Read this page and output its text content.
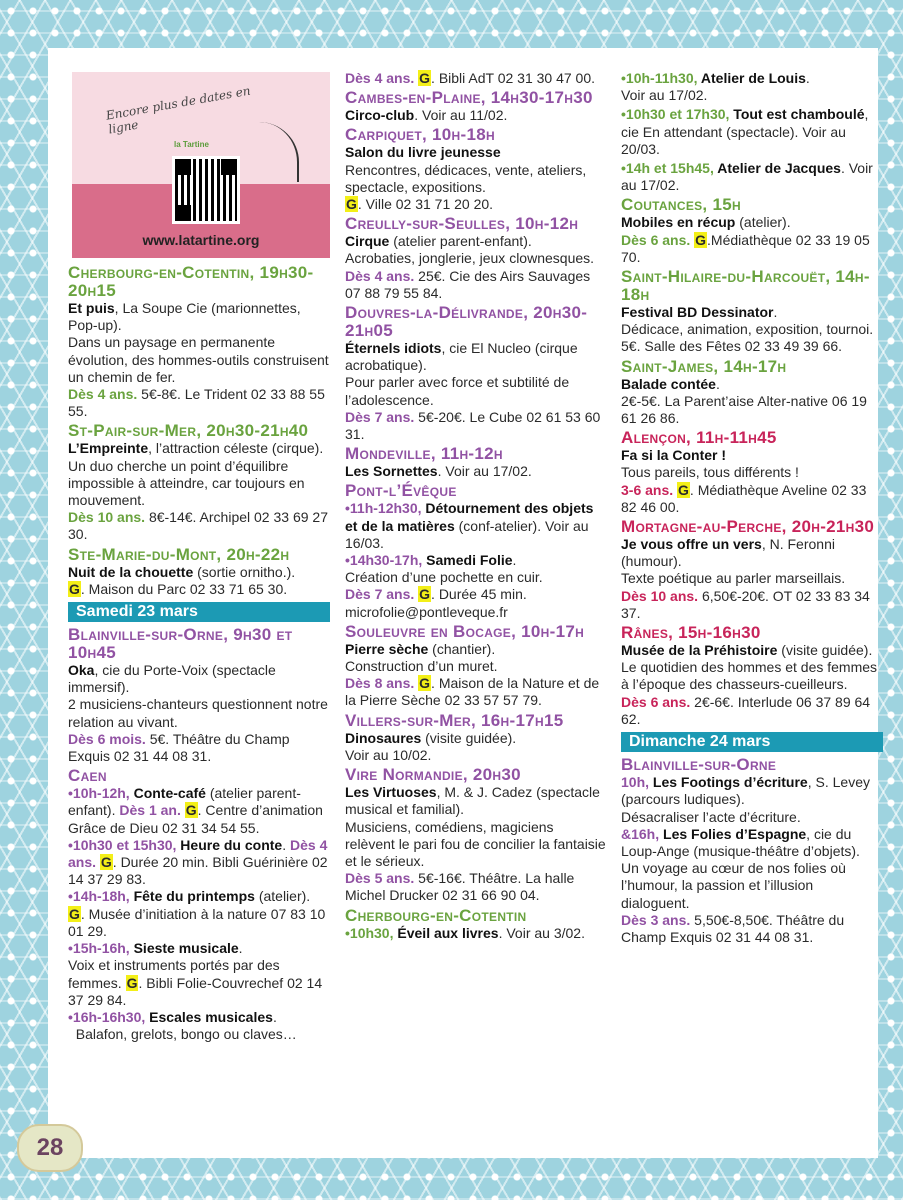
Encore plus de dates en ligne
la Tartine
www.latartine.org
Cherbourg-en-Cotentin, 19h30-20h15
Et puis, La Soupe Cie (marionnettes, Pop-up).
Dans un paysage en permanente évolution, des hommes-outils construisent un chemin de fer.
Dès 4 ans. 5€-8€. Le Trident 02 33 88 55 55.
St-Pair-sur-Mer, 20h30-21h40
L’Empreinte, l’attraction céleste (cirque).
Un duo cherche un point d’équilibre impossible à atteindre, car toujours en mouvement.
Dès 10 ans. 8€-14€. Archipel 02 33 69 27 30.
Ste-Marie-du-Mont, 20h-22h
Nuit de la chouette (sortie ornitho.).
G. Maison du Parc 02 33 71 65 30.
Samedi 23 mars
Blainville-sur-Orne, 9h30 et 10h45
Oka, cie du Porte-Voix (spectacle immersif).
2 musiciens-chanteurs questionnent notre relation au vivant.
Dès 6 mois. 5€. Théâtre du Champ Exquis 02 31 44 08 31.
Caen
•10h-12h, Conte-café (atelier parent-enfant). Dès 1 an. G. Centre d’animation Grâce de Dieu 02 31 34 54 55.
•10h30 et 15h30, Heure du conte. Dès 4 ans. G. Durée 20 min. Bibli Guérinière 02 14 37 29 83.
•14h-18h, Fête du printemps (atelier). G. Musée d’initiation à la nature 07 83 10 01 29.
•15h-16h, Sieste musicale.
Voix et instruments portés par des femmes. G. Bibli Folie-Couvrechef 02 14 37 29 84.
•16h-16h30, Escales musicales.
Balafon, grelots, bongo ou claves…
Dès 4 ans. G. Bibli AdT 02 31 30 47 00.
Cambes-en-Plaine, 14h30-17h30
Circo-club. Voir au 11/02.
Carpiquet, 10h-18h
Salon du livre jeunesse
Rencontres, dédicaces, vente, ateliers, spectacle, expositions.
G. Ville 02 31 71 20 20.
Creully-sur-Seulles, 10h-12h
Cirque (atelier parent-enfant).
Acrobaties, jonglerie, jeux clownesques.
Dès 4 ans. 25€. Cie des Airs Sauvages 07 88 79 55 84.
Douvres-la-Délivrande, 20h30-21h05
Éternels idiots, cie El Nucleo (cirque acrobatique).
Pour parler avec force et subtilité de l’adolescence.
Dès 7 ans. 5€-20€. Le Cube 02 61 53 60 31.
Mondeville, 11h-12h
Les Sornettes. Voir au 17/02.
Pont-l’Évêque
•11h-12h30, Détournement des objets et de la matières (conf-atelier). Voir au 16/03.
•14h30-17h, Samedi Folie.
Création d’une pochette en cuir.
Dès 7 ans. G. Durée 45 min. microfolie@pontleveque.fr
Souleuvre en Bocage, 10h-17h
Pierre sèche (chantier).
Construction d’un muret.
Dès 8 ans. G. Maison de la Nature et de la Pierre Sèche 02 33 57 57 79.
Villers-sur-Mer, 16h-17h15
Dinosaures (visite guidée).
Voir au 10/02.
Vire Normandie, 20h30
Les Virtuoses, M. & J. Cadez (spectacle musical et familial).
Musiciens, comédiens, magiciens relèvent le pari fou de concilier la fantaisie et le sérieux.
Dès 5 ans. 5€-16€. Théâtre. La halle Michel Drucker 02 31 66 90 04.
Cherbourg-en-Cotentin
•10h30, Éveil aux livres. Voir au 3/02.
•10h-11h30, Atelier de Louis.
Voir au 17/02.
•10h30 et 17h30, Tout est chamboulé, cie En attendant (spectacle). Voir au 20/03.
•14h et 15h45, Atelier de Jacques. Voir au 17/02.
Coutances, 15h
Mobiles en récup (atelier).
Dès 6 ans. G.Médiathèque 02 33 19 05 70.
Saint-Hilaire-du-Harcouët, 14h-18h
Festival BD Dessinator.
Dédicace, animation, exposition, tournoi.
5€. Salle des Fêtes 02 33 49 39 66.
Saint-James, 14h-17h
Balade contée.
2€-5€. La Parent’aise Alter-native 06 19 61 26 86.
Alençon, 11h-11h45
Fa si la Conter !
Tous pareils, tous différents !
3-6 ans. G. Médiathèque Aveline 02 33 82 46 00.
Mortagne-au-Perche, 20h-21h30
Je vous offre un vers, N. Feronni (humour).
Texte poétique au parler marseillais.
Dès 10 ans. 6,50€-20€. OT 02 33 83 34 37.
Rânes, 15h-16h30
Musée de la Préhistoire (visite guidée).
Le quotidien des hommes et des femmes à l’époque des chasseurs-cueilleurs.
Dès 6 ans. 2€-6€. Interlude 06 37 89 64 62.
Dimanche 24 mars
Blainville-sur-Orne
10h, Les Footings d’écriture, S. Levey (parcours ludiques).
Désacraliser l’acte d’écriture.
&16h, Les Folies d’Espagne, cie du Loup-Ange (musique-théâtre d’objets).
Un voyage au cœur de nos folies où l’humour, la passion et l’illusion dialoguent.
Dès 3 ans. 5,50€-8,50€. Théâtre du Champ Exquis 02 31 44 08 31.
28
